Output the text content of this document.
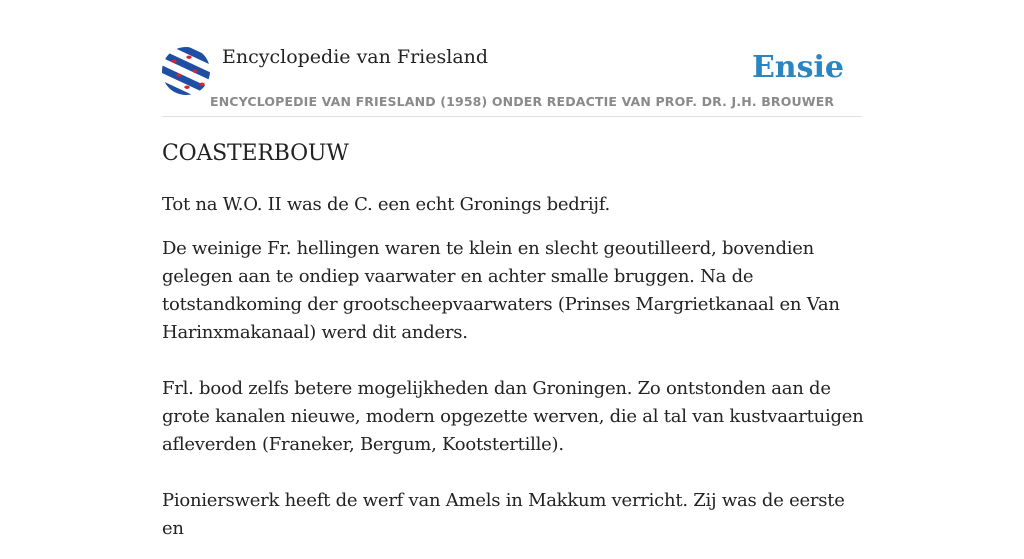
Encyclopedie van Friesland	Ensie
ENCYCLOPEDIE VAN FRIESLAND (1958) ONDER REDACTIE VAN PROF. DR. J.H. BROUWER
COASTERBOUW

Tot na W.O. II was de C. een echt Gronings bedrijf.

De weinige Fr. hellingen waren te klein en slecht geoutilleerd, bovendien gelegen aan te ondiep vaarwater en achter smalle bruggen. Na de totstandkoming der grootscheepvaarwaters (Prinses Margrietkanaal en Van Harinxmakanaal) werd dit anders.

Frl. bood zelfs betere mogelijkheden dan Groningen. Zo ontstonden aan de grote kanalen nieuwe, modern opgezette werven, die al tal van kustvaartuigen afleverden (Franeker, Bergum, Kootstertille).

Pionierswerk heeft de werf van Amels in Makkum verricht. Zij was de eerste en
